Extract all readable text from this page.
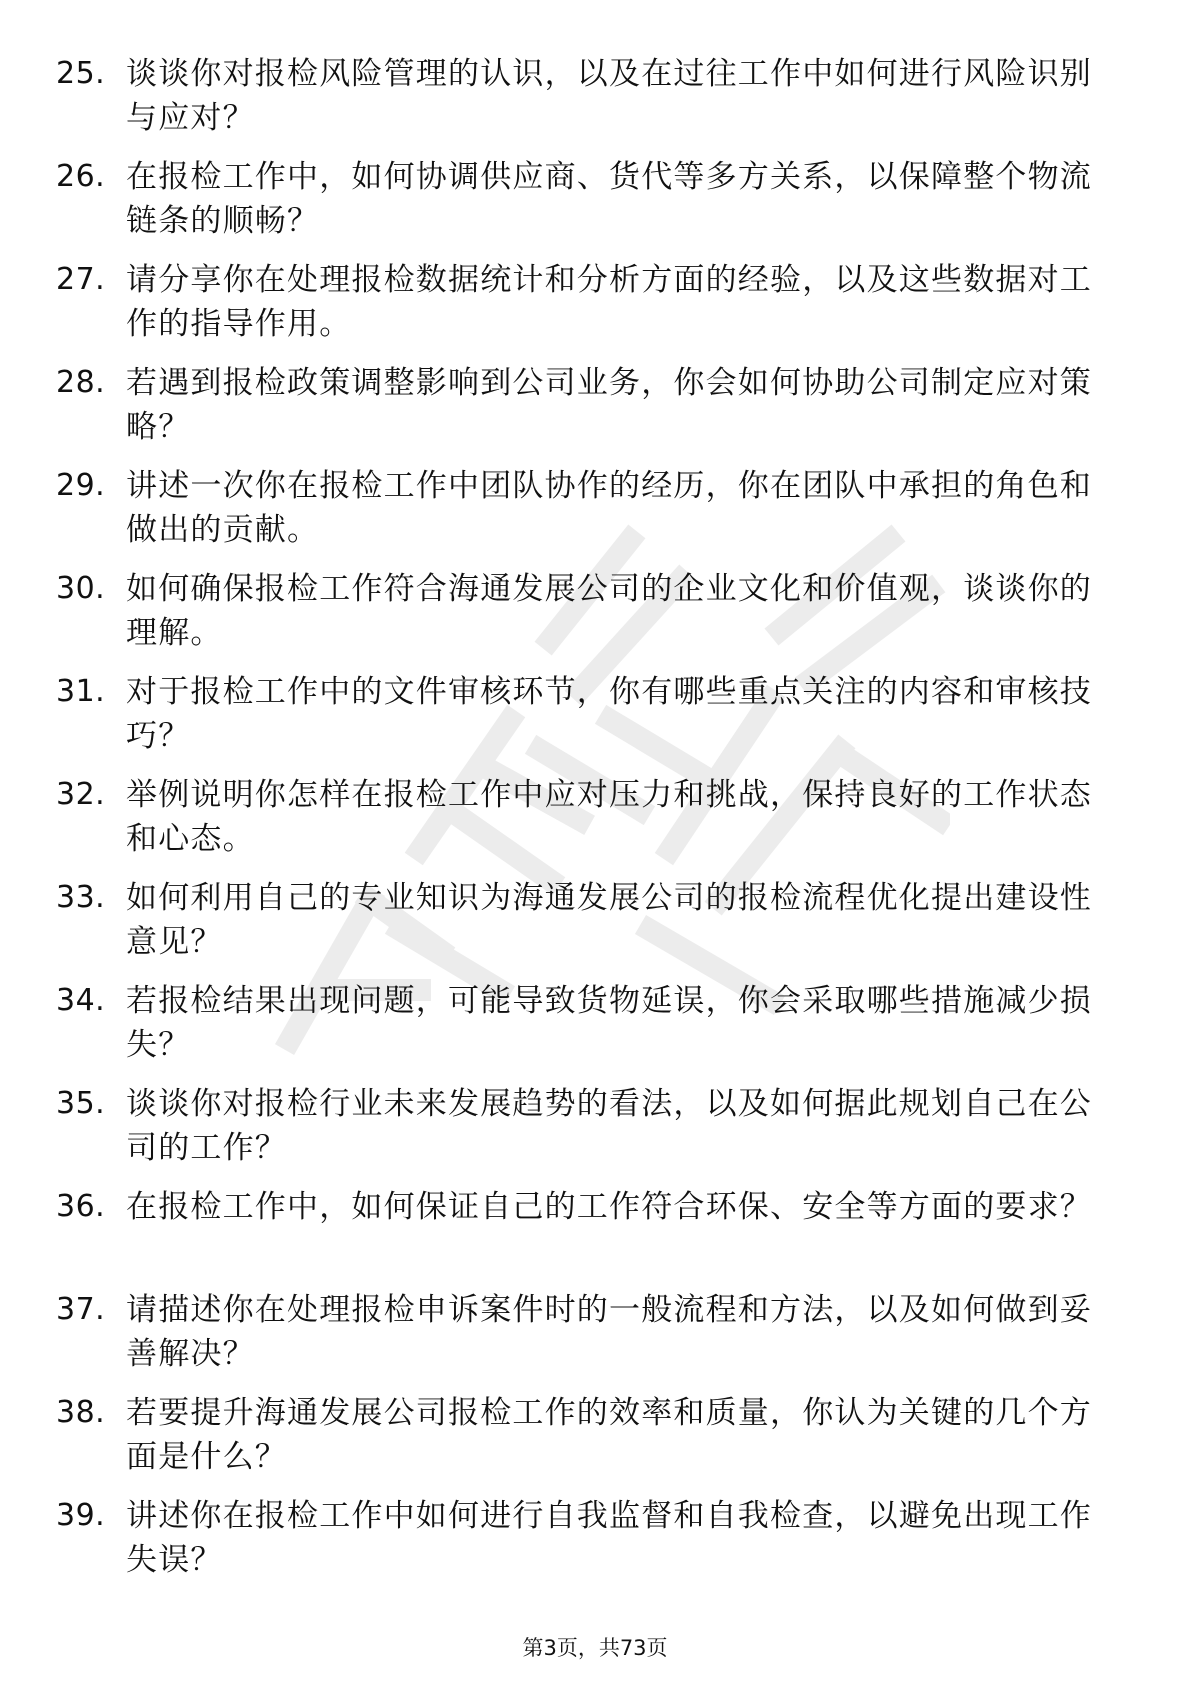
25. 谈谈你对报检风险管理的认识，以及在过往工作中如何进行风险识别与应对？
26. 在报检工作中，如何协调供应商、货代等多方关系，以保障整个物流链条的顺畅？
27. 请分享你在处理报检数据统计和分析方面的经验，以及这些数据对工作的指导作用。
28. 若遇到报检政策调整影响到公司业务，你会如何协助公司制定应对策略？
29. 讲述一次你在报检工作中团队协作的经历，你在团队中承担的角色和做出的贡献。
30. 如何确保报检工作符合海通发展公司的企业文化和价值观，谈谈你的理解。
31. 对于报检工作中的文件审核环节，你有哪些重点关注的内容和审核技巧？
32. 举例说明你怎样在报检工作中应对压力和挑战，保持良好的工作状态和心态。
33. 如何利用自己的专业知识为海通发展公司的报检流程优化提出建设性意见？
34. 若报检结果出现问题，可能导致货物延误，你会采取哪些措施减少损失？
35. 谈谈你对报检行业未来发展趋势的看法，以及如何据此规划自己在公司的工作？
36. 在报检工作中，如何保证自己的工作符合环保、安全等方面的要求？
37. 请描述你在处理报检申诉案件时的一般流程和方法，以及如何做到妥善解决？
38. 若要提升海通发展公司报检工作的效率和质量，你认为关键的几个方面是什么？
39. 讲述你在报检工作中如何进行自我监督和自我检查，以避免出现工作失误？
第3页，共73页
